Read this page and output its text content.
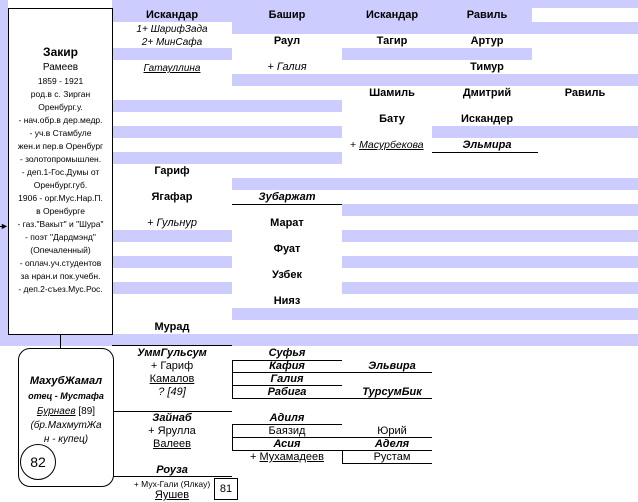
Закир
Рамеев
1859 - 1921
род.в с. Зирган
Оренбург.у.
- нач.обр.в дер.медр.
- уч.в Стамбуле
жен.и пер.в Оренбург
- золотопромышлен.
- деп.1-Гос.Думы от
Оренбург.губ.
1906 - орг.Мус.Нар.П.
в Оренбурге
- газ."Вакыт" и "Шура"
- поэт "Дардмэнд"
(Опечаленный)
- оплач.уч.студентов
за нран.и пок.учебн.
- деп.2-съез.Мус.Рос.
►
МахубЖамал
отец - Мустафа
Бурнаев [89]
(бр.МахмутЖа
н - купец)
82
Искандар
1+ ШарифЗада
2+ МинСафа
Гатауллина
Башир
Раул
+ Галия
Искандар
Тагир
Равиль
Артур
Тимур
Шамиль	Дмитрий	Равиль
Бату	Искандер
+ Масурбекова	Эльмира
Гариф
Ягафар
+ Гульнур
Зубаржат
Марат
Фуат
Узбек
Нияз
Мурад
УммГульсум
+ Гариф
Камалов
? [49]
Суфья
Кафия
Галия
Рабига
Эльвира
ТурсумБик
Зайнаб
+ Ярулла
Валеев
Адиля
Баязид	Юрий
Асия	Аделя
+ Мухамадеев	Рустам
Роуза
+ Мух-Гали (Ялкау)
Яушев	81
